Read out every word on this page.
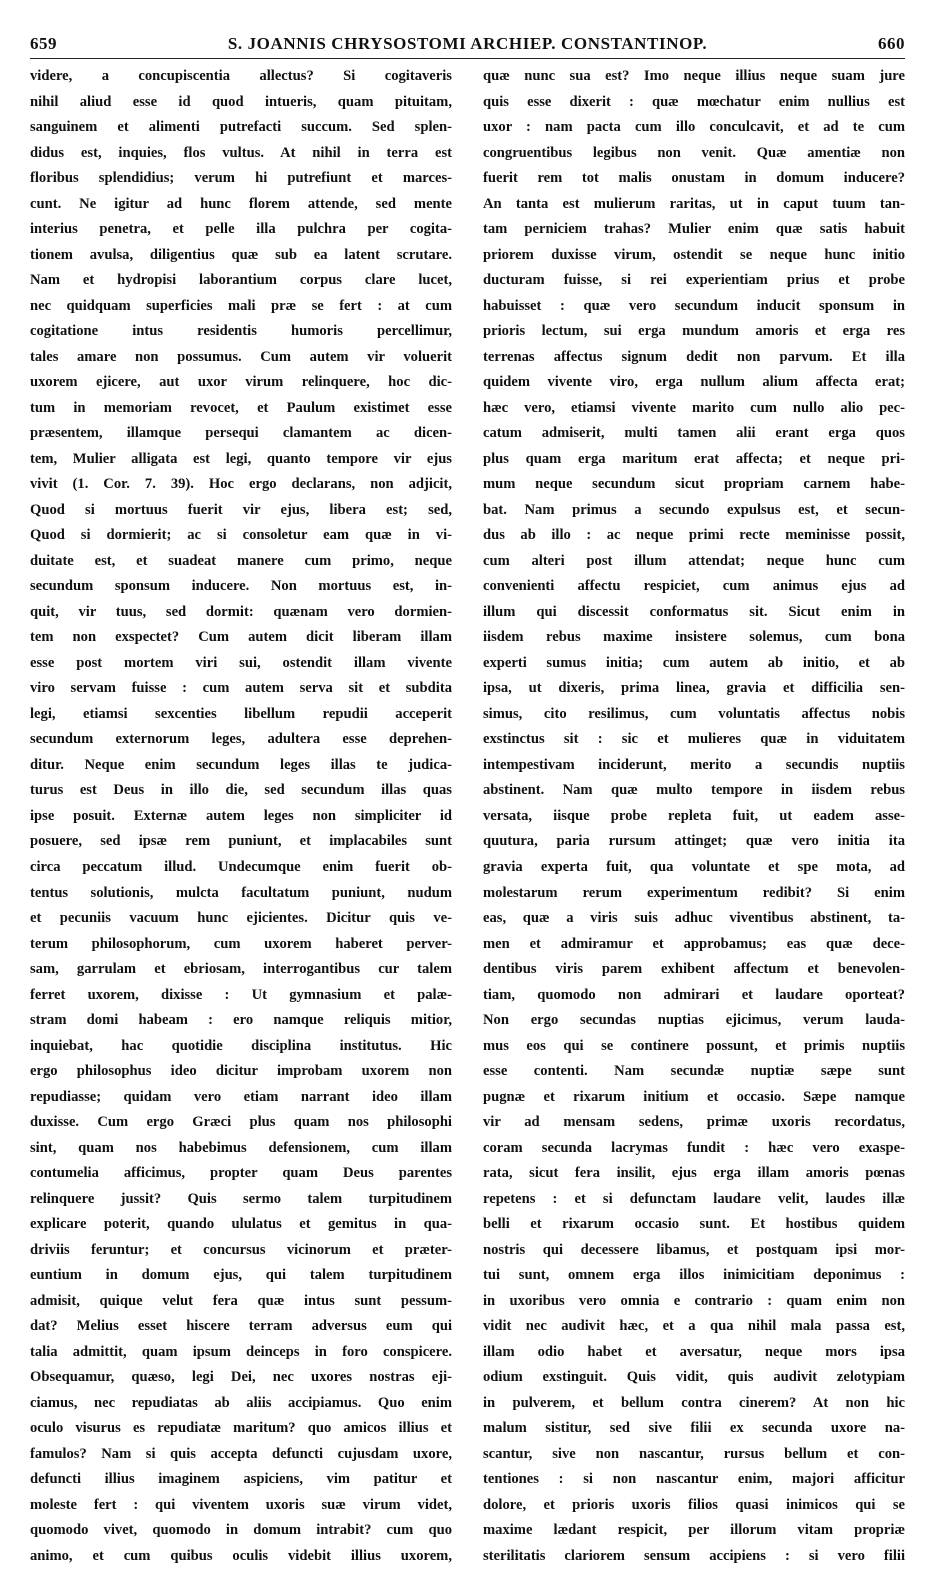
659	S. JOANNIS CHRYSOSTOMI ARCHIEP. CONSTANTINOP.	660
videre, a concupiscentia allectus? Si cogitaveris
nihil aliud esse id quod intueris, quam pituitam,
sanguinem et alimenti putrefacti succum. Sed splen-
didus est, inquies, flos vultus. At nihil in terra est
floribus splendidius; verum hi putrefiunt et marces-
cunt. Ne igitur ad hunc florem attende, sed mente
interius penetra, et pelle illa pulchra per cogita-
tionem avulsa, diligentius quæ sub ea latent scrutare.
Nam et hydropisi laborantium corpus clare lucet,
nec quidquam superficies mali præ se fert : at cum
cogitatione intus residentis humoris percellimur,
tales amare non possumus. Cum autem vir voluerit
uxorem ejicere, aut uxor virum relinquere, hoc dic-
tum in memoriam revocet, et Paulum existimet esse
præsentem, illamque persequi clamantem ac dicen-
tem, Mulier alligata est legi, quanto tempore vir ejus
vivit (1. Cor. 7. 39). Hoc ergo declarans, non adjicit,
Quod si mortuus fuerit vir ejus, libera est; sed,
Quod si dormierit; ac si consoletur eam quæ in vi-
duitate est, et suadeat manere cum primo, neque
secundum sponsum inducere. Non mortuus est, in-
quit, vir tuus, sed dormit: quænam vero dormien-
tem non exspectet? Cum autem dicit liberam illam
esse post mortem viri sui, ostendit illam vivente
viro servam fuisse : cum autem serva sit et subdita
legi, etiamsi sexcenties libellum repudii acceperit
secundum externorum leges, adultera esse deprehen-
ditur. Neque enim secundum leges illas te judica-
turus est Deus in illo die, sed secundum illas quas
ipse posuit. Externæ autem leges non simpliciter id
posuere, sed ipsæ rem puniunt, et implacabiles sunt
circa peccatum illud. Undecumque enim fuerit ob-
tentus solutionis, mulcta facultatum puniunt, nudum
et pecuniis vacuum hunc ejicientes. Dicitur quis ve-
terum philosophorum, cum uxorem haberet perver-
sam, garrulam et ebriosam, interrogantibus cur talem
ferret uxorem, dixisse : Ut gymnasium et palæ-
stram domi habeam : ero namque reliquis mitior,
inquiebat, hac quotidie disciplina institutus. Hic
ergo philosophus ideo dicitur improbam uxorem non
repudiasse; quidam vero etiam narrant ideo illam
duxisse. Cum ergo Græci plus quam nos philosophi
sint, quam nos habebimus defensionem, cum illam
contumelia afficimus, propter quam Deus parentes
relinquere jussit? Quis sermo talem turpitudinem
explicare poterit, quando ululatus et gemitus in qua-
driviis feruntur; et concursus vicinorum et præter-
euntium in domum ejus, qui talem turpitudinem
admisit, quique velut fera quæ intus sunt pessum-
dat? Melius esset hiscere terram adversus eum qui
talia admittit, quam ipsum deinceps in foro conspicere.
Obsequamur, quæso, legi Dei, nec uxores nostras eji-
ciamus, nec repudiatas ab aliis accipiamus. Quo enim
oculo visurus es repudiatæ maritum? quo amicos illius et
famulos? Nam si quis accepta defuncti cujusdam uxore,
defuncti illius imaginem aspiciens, vim patitur et
moleste fert : qui viventem uxoris suæ virum videt,
quomodo vivet, quomodo in domum intrabit? cum quo
animo, et cum quibus oculis videbit illius uxorem,
quæ nunc sua est? Imo neque illius neque suam jure
quis esse dixerit : quæ mœchatur enim nullius est
uxor : nam pacta cum illo conculcavit, et ad te cum
congruentibus legibus non venit. Quæ amentiæ non
fuerit rem tot malis onustam in domum inducere?
An tanta est mulierum raritas, ut in caput tuum tan-
tam perniciem trahas? Mulier enim quæ satis habuit
priorem duxisse virum, ostendit se neque hunc initio
ducturam fuisse, si rei experientiam prius et probe
habuisset : quæ vero secundum inducit sponsum in
prioris lectum, sui erga mundum amoris et erga res
terrenas affectus signum dedit non parvum. Et illa
quidem vivente viro, erga nullum alium affecta erat;
hæc vero, etiamsi vivente marito cum nullo alio pec-
catum admiserit, multi tamen alii erant erga quos
plus quam erga maritum erat affecta; et neque pri-
mum neque secundum sicut propriam carnem habe-
bat. Nam primus a secundo expulsus est, et secun-
dus ab illo : ac neque primi recte meminisse possit,
cum alteri post illum attendat; neque hunc cum
convenienti affectu respiciet, cum animus ejus ad
illum qui discessit conformatus sit. Sicut enim in
iisdem rebus maxime insistere solemus, cum bona
experti sumus initia; cum autem ab initio, et ab
ipsa, ut dixeris, prima linea, gravia et difficilia sen-
simus, cito resilimus, cum voluntatis affectus nobis
exstinctus sit : sic et mulieres quæ in viduitatem
intempestivam inciderunt, merito a secundis nuptiis
abstinent. Nam quæ multo tempore in iisdem rebus
versata, iisque probe repleta fuit, ut eadem asse-
quutura, paria rursum attinget; quæ vero initia ita
gravia experta fuit, qua voluntate et spe mota, ad
molestarum rerum experimentum redibit? Si enim
eas, quæ a viris suis adhuc viventibus abstinent, ta-
men et admiramur et approbamus; eas quæ dece-
dentibus viris parem exhibent affectum et benevolen-
tiam, quomodo non admirari et laudare oporteat?
Non ergo secundas nuptias ejicimus, verum lauda-
mus eos qui se continere possunt, et primis nuptiis
esse contenti. Nam secundæ nuptiæ sæpe sunt
pugnæ et rixarum initium et occasio. Sæpe namque
vir ad mensam sedens, primæ uxoris recordatus,
coram secunda lacrymas fundit : hæc vero exaspe-
rata, sicut fera insilit, ejus erga illam amoris pœnas
repetens : et si defunctam laudare velit, laudes illæ
belli et rixarum occasio sunt. Et hostibus quidem
nostris qui decessere libamus, et postquam ipsi mor-
tui sunt, omnem erga illos inimicitiam deponimus :
in uxoribus vero omnia e contrario : quam enim non
vidit nec audivit hæc, et a qua nihil mala passa est,
illam odio habet et aversatur, neque mors ipsa
odium exstinguit. Quis vidit, quis audivit zelotypiam
in pulverem, et bellum contra cinerem? At non hic
malum sistitur, sed sive filii ex secunda uxore na-
scantur, sive non nascantur, rursus bellum et con-
tentiones : si non nascantur enim, majori afficitur
dolore, et prioris uxoris filios quasi inimicos qui se
maxime lædant respicit, per illorum vitam propriæ
sterilitatis clariorem sensum accipiens : si vero filii
